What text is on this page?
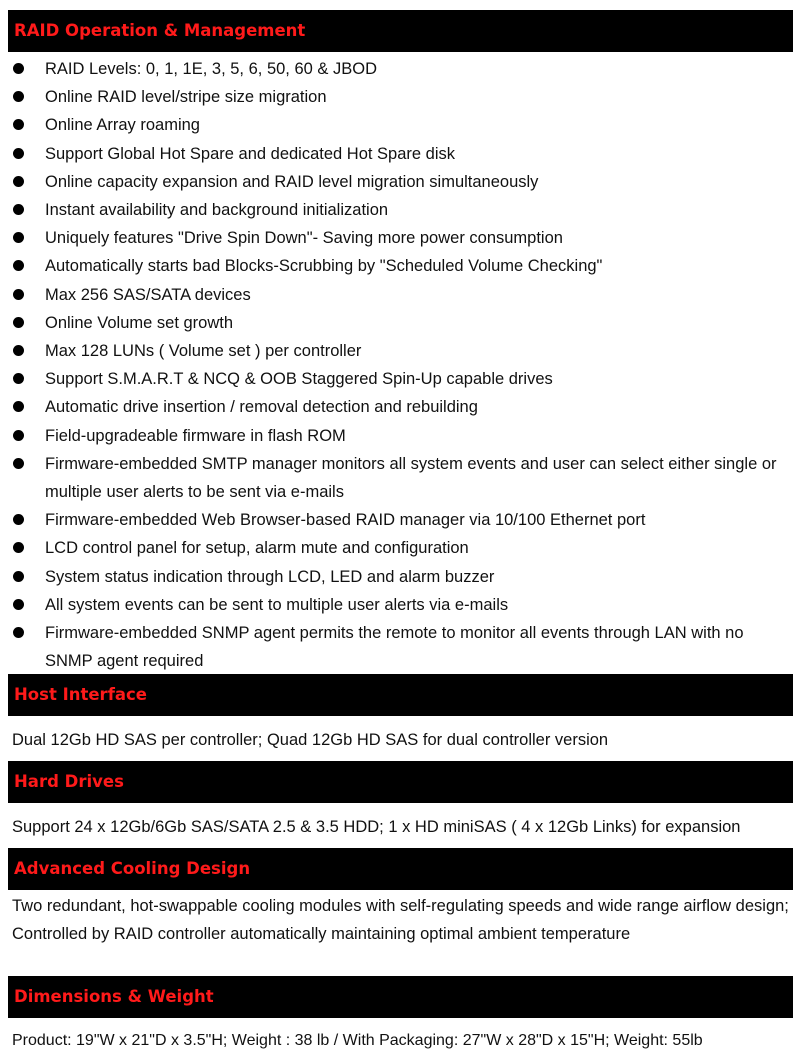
RAID Operation & Management
RAID Levels: 0, 1, 1E, 3, 5, 6, 50, 60 & JBOD
Online RAID level/stripe size migration
Online Array roaming
Support Global Hot Spare and dedicated Hot Spare disk
Online capacity expansion and RAID level migration simultaneously
Instant availability and background initialization
Uniquely features "Drive Spin Down"- Saving more power consumption
Automatically starts bad Blocks-Scrubbing by "Scheduled Volume Checking"
Max 256 SAS/SATA devices
Online Volume set growth
Max 128 LUNs ( Volume set ) per controller
Support S.M.A.R.T & NCQ & OOB Staggered Spin-Up capable drives
Automatic drive insertion / removal detection and rebuilding
Field-upgradeable firmware in flash ROM
Firmware-embedded SMTP manager monitors all system events and user can select either single or multiple user alerts to be sent via e-mails
Firmware-embedded Web Browser-based RAID manager via 10/100 Ethernet port
LCD control panel for setup, alarm mute and configuration
System status indication through LCD, LED and alarm buzzer
All system events can be sent to multiple user alerts via e-mails
Firmware-embedded SNMP agent permits the remote to monitor all events through LAN with no SNMP agent required
Host Interface
Dual 12Gb HD SAS per controller; Quad 12Gb HD SAS for dual controller version
Hard Drives
Support 24 x 12Gb/6Gb SAS/SATA 2.5 & 3.5 HDD; 1 x HD miniSAS ( 4 x 12Gb Links) for expansion
Advanced Cooling Design
Two redundant, hot-swappable cooling modules with self-regulating speeds and wide range airflow design; Controlled by RAID controller automatically maintaining optimal ambient temperature
Dimensions & Weight
Product: 19"W x 21"D x 3.5"H; Weight : 38 lb / With Packaging: 27"W x 28"D x 15"H; Weight: 55lb
